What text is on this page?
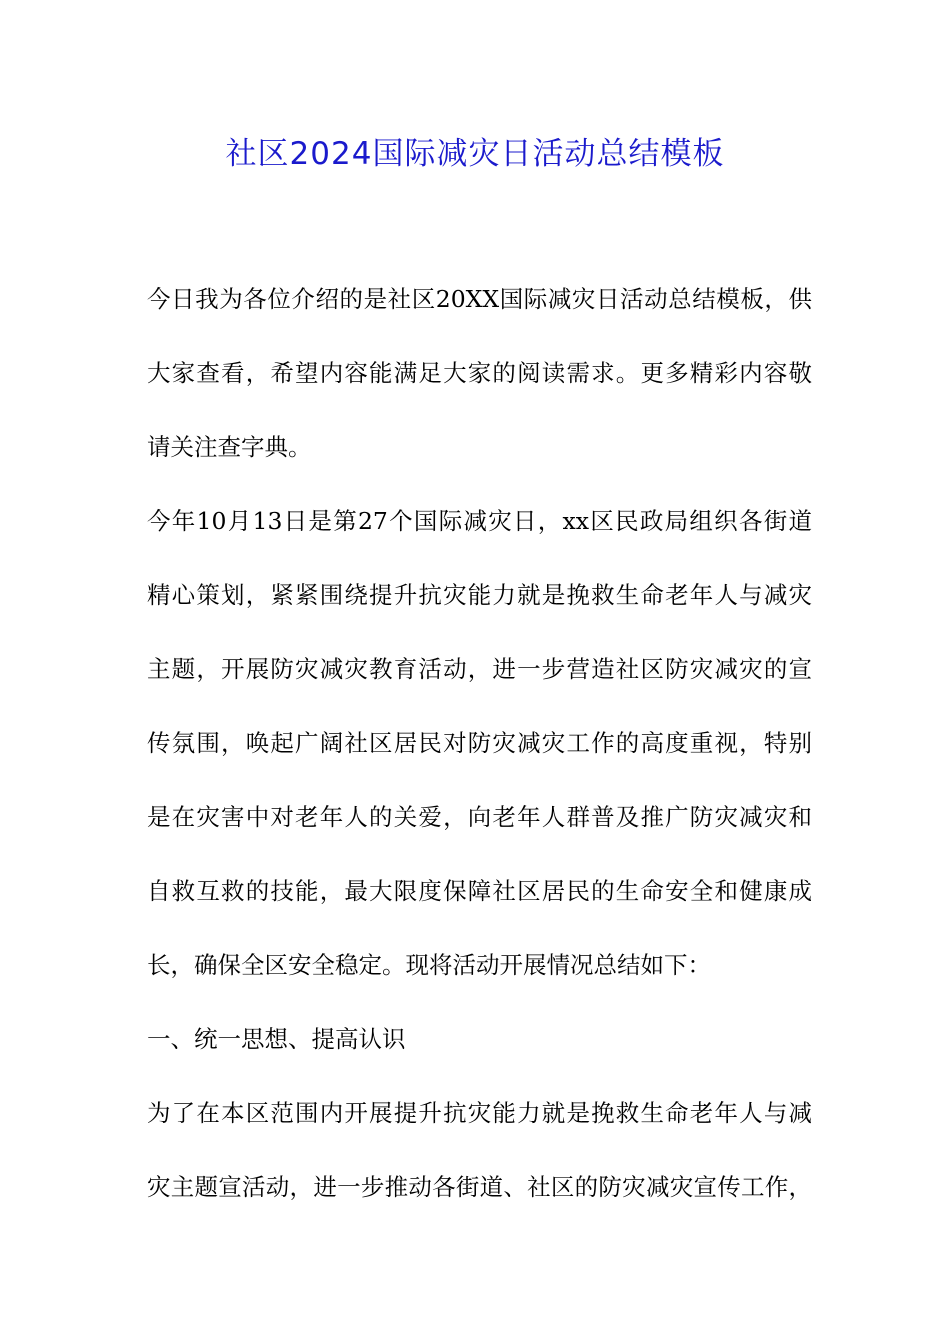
社区2024国际减灾日活动总结模板
今日我为各位介绍的是社区20XX国际减灾日活动总结模板，供
大家查看，希望内容能满足大家的阅读需求。更多精彩内容敬
请关注查字典。
今年10月13日是第27个国际减灾日，xx区民政局组织各街道
精心策划，紧紧围绕提升抗灾能力就是挽救生命老年人与减灾
主题，开展防灾减灾教育活动，进一步营造社区防灾减灾的宣
传氛围，唤起广阔社区居民对防灾减灾工作的高度重视，特别
是在灾害中对老年人的关爱，向老年人群普及推广防灾减灾和
自救互救的技能，最大限度保障社区居民的生命安全和健康成
长，确保全区安全稳定。现将活动开展情况总结如下：
一、统一思想、提高认识
为了在本区范围内开展提升抗灾能力就是挽救生命老年人与减
灾主题宣活动，进一步推动各街道、社区的防灾减灾宣传工作，
